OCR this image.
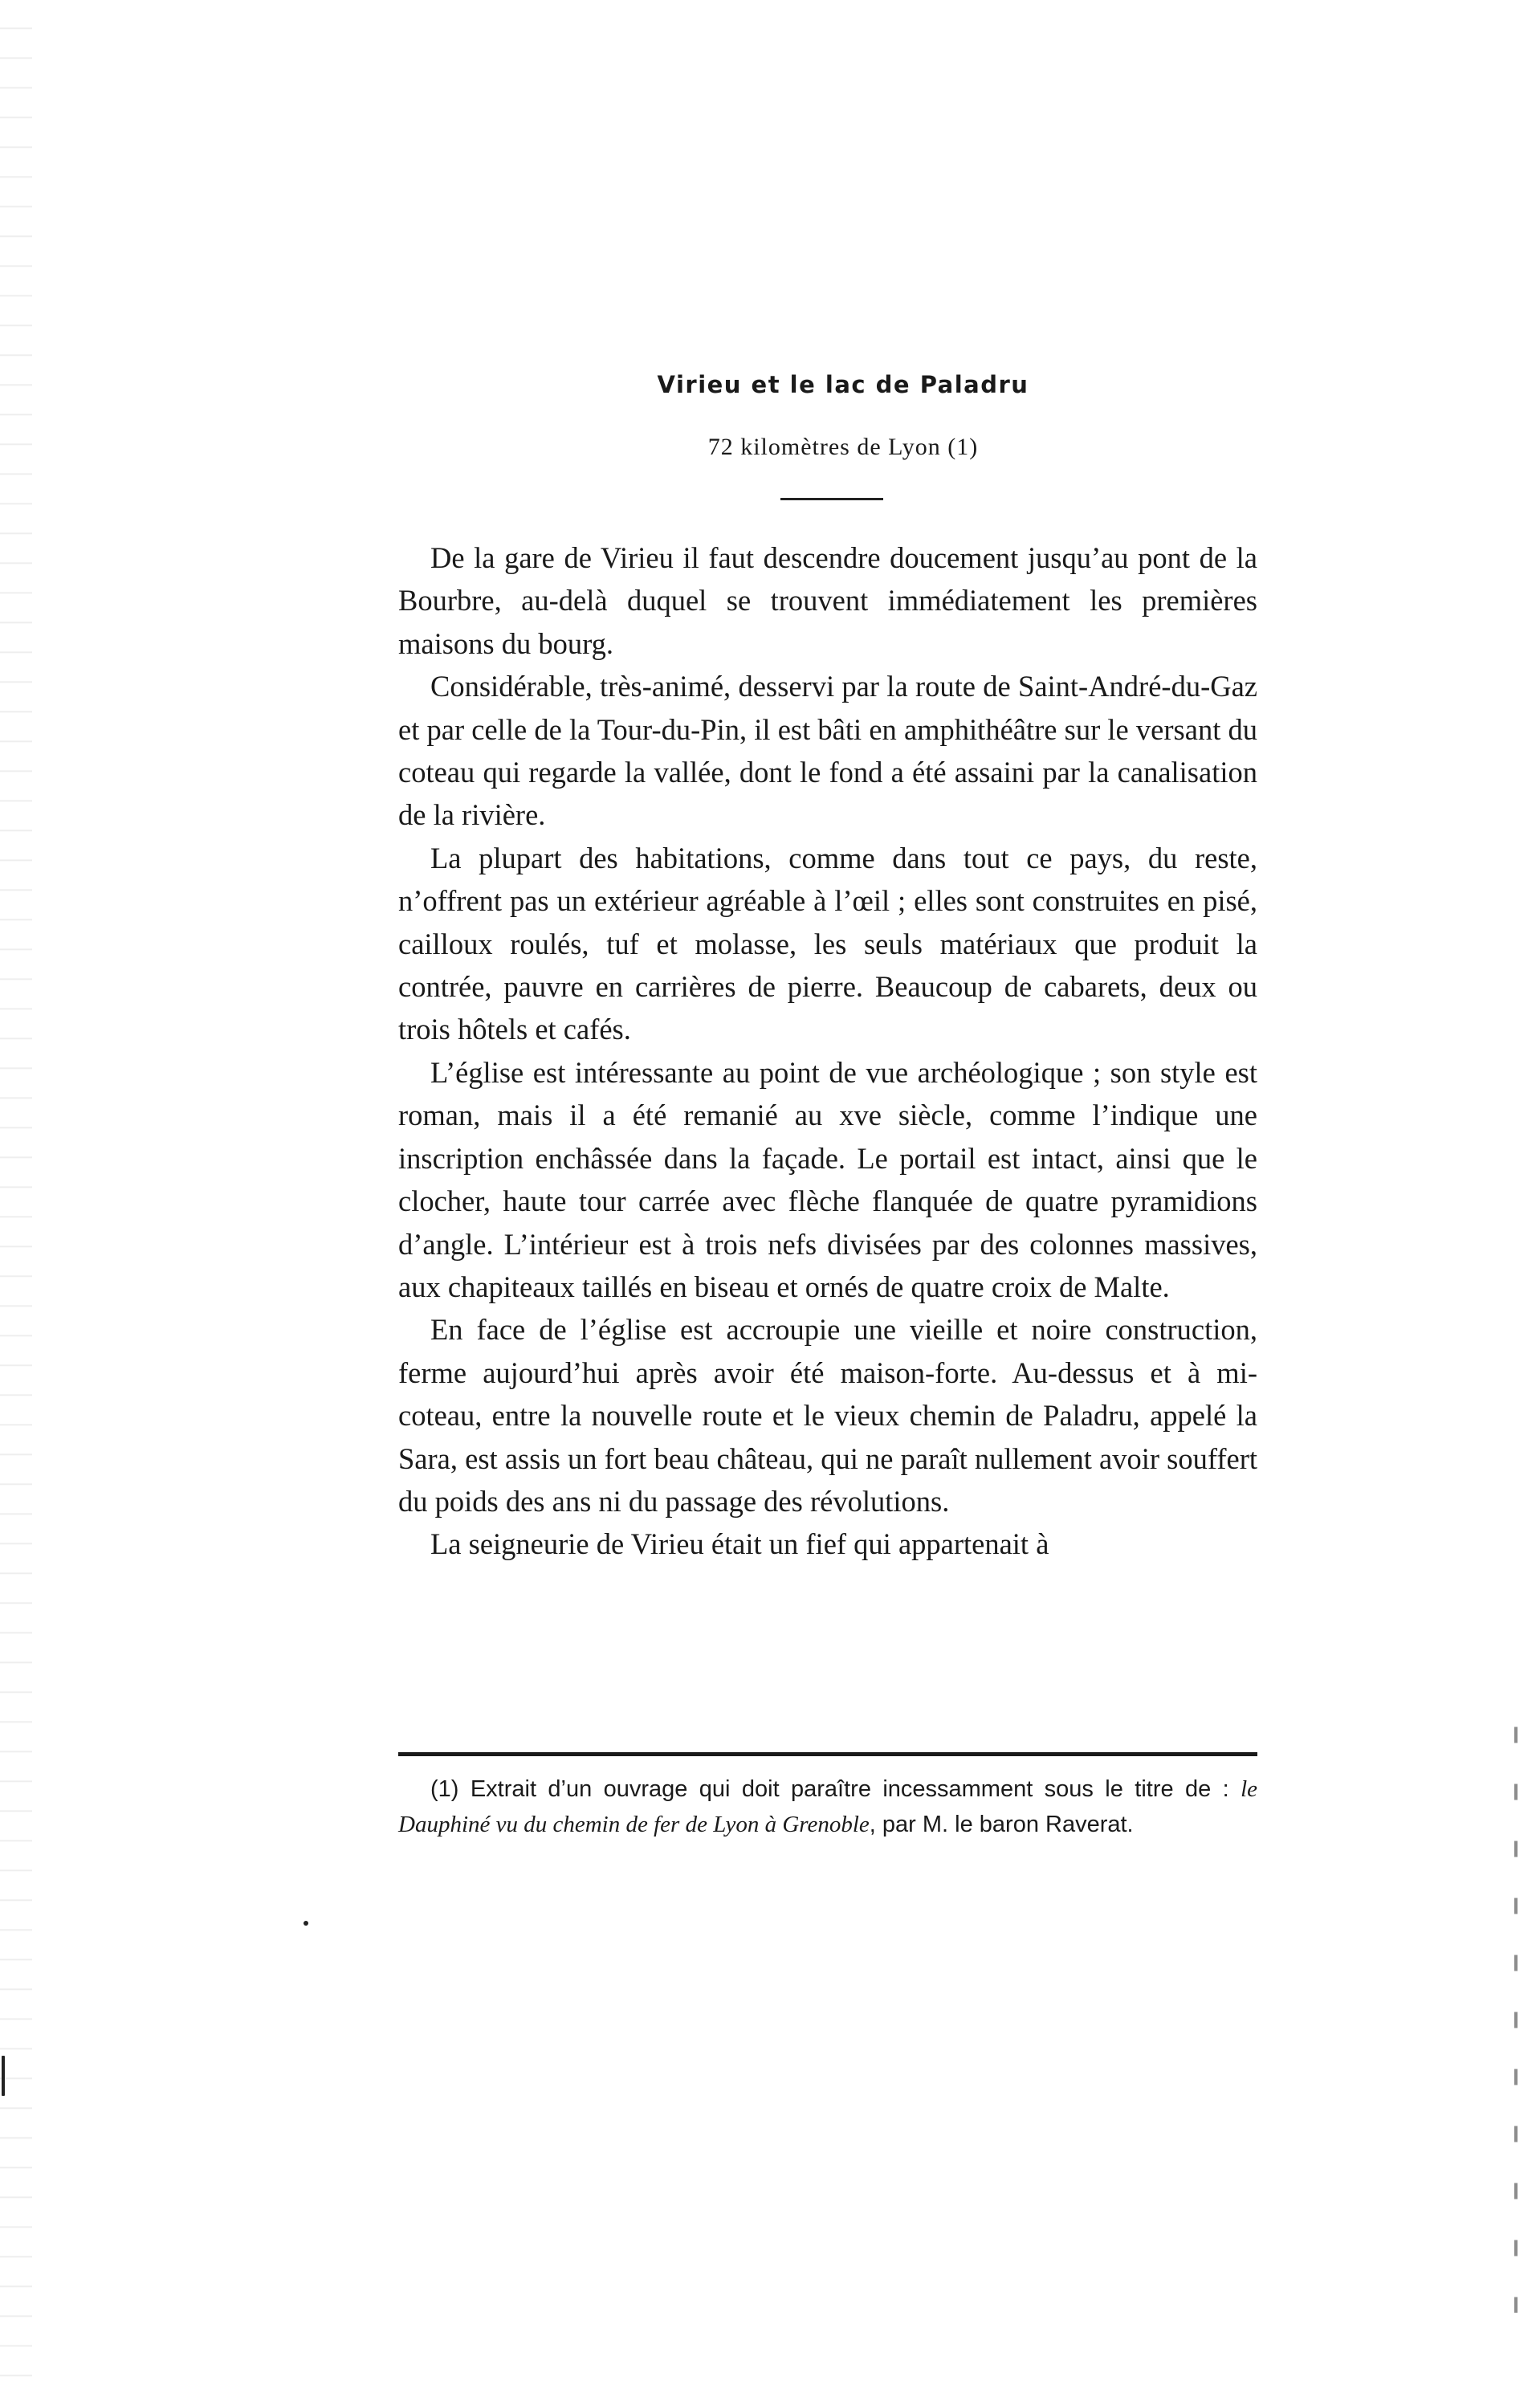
Virieu et le lac de Paladru
72 kilomètres de Lyon (1)

De la gare de Virieu il faut descendre doucement jusqu’au pont de la Bourbre, au-delà duquel se trouvent immédiatement les premières maisons du bourg.

Considérable, très-animé, desservi par la route de Saint-André-du-Gaz et par celle de la Tour-du-Pin, il est bâti en amphithéâtre sur le versant du coteau qui regarde la vallée, dont le fond a été assaini par la canalisation de la rivière.

La plupart des habitations, comme dans tout ce pays, du reste, n’offrent pas un extérieur agréable à l’œil ; elles sont construites en pisé, cailloux roulés, tuf et molasse, les seuls matériaux que produit la contrée, pauvre en carrières de pierre. Beaucoup de cabarets, deux ou trois hôtels et cafés.

L’église est intéressante au point de vue archéologique ; son style est roman, mais il a été remanié au xve siècle, comme l’indique une inscription enchâssée dans la façade. Le portail est intact, ainsi que le clocher, haute tour carrée avec flèche flanquée de quatre pyramidions d’angle. L’intérieur est à trois nefs divisées par des colonnes massives, aux chapiteaux taillés en biseau et ornés de quatre croix de Malte.

En face de l’église est accroupie une vieille et noire construction, ferme aujourd’hui après avoir été maison-forte. Au-dessus et à mi-coteau, entre la nouvelle route et le vieux chemin de Paladru, appelé la Sara, est assis un fort beau château, qui ne paraît nullement avoir souffert du poids des ans ni du passage des révolutions.

La seigneurie de Virieu était un fief qui appartenait à

(1) Extrait d’un ouvrage qui doit paraître incessamment sous le titre de : le Dauphiné vu du chemin de fer de Lyon à Grenoble, par M. le baron Raverat.
